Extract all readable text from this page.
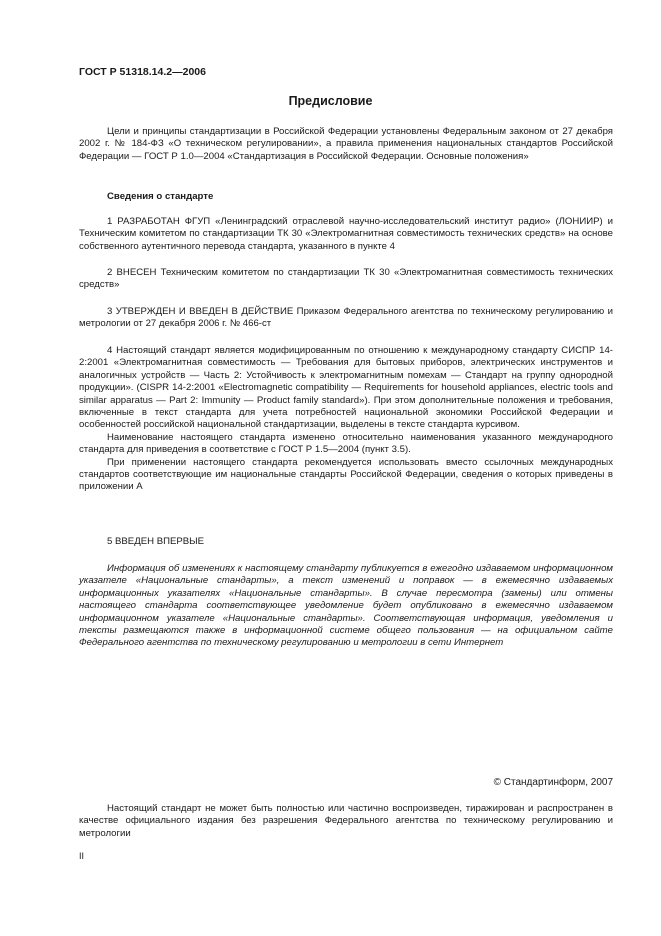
ГОСТ Р 51318.14.2—2006
Предисловие

Цели и принципы стандартизации в Российской Федерации установлены Федеральным законом от 27 декабря 2002 г. № 184-ФЗ «О техническом регулировании», а правила применения национальных стандартов Российской Федерации — ГОСТ Р 1.0—2004 «Стандартизация в Российской Федерации. Основные положения»

Сведения о стандарте

1 РАЗРАБОТАН ФГУП «Ленинградский отраслевой научно-исследовательский институт радио» (ЛОНИИР) и Техническим комитетом по стандартизации ТК 30 «Электромагнитная совместимость технических средств» на основе собственного аутентичного перевода стандарта, указанного в пункте 4

2 ВНЕСЕН Техническим комитетом по стандартизации ТК 30 «Электромагнитная совместимость технических средств»

3 УТВЕРЖДЕН И ВВЕДЕН В ДЕЙСТВИЕ Приказом Федерального агентства по техническому регулированию и метрологии от 27 декабря 2006 г. № 466-ст

4 Настоящий стандарт является модифицированным по отношению к международному стандарту СИСПР 14-2:2001 «Электромагнитная совместимость — Требования для бытовых приборов, электрических инструментов и аналогичных устройств — Часть 2: Устойчивость к электромагнитным помехам — Стандарт на группу однородной продукции». (CISPR 14-2:2001 «Electromagnetic compatibility — Requirements for household appliances, electric tools and similar apparatus — Part 2: Immunity — Product family standard»). При этом дополнительные положения и требования, включенные в текст стандарта для учета потребностей национальной экономики Российской Федерации и особенностей российской национальной стандартизации, выделены в тексте стандарта курсивом.

Наименование настоящего стандарта изменено относительно наименования указанного международного стандарта для приведения в соответствие с ГОСТ Р 1.5—2004 (пункт 3.5).

При применении настоящего стандарта рекомендуется использовать вместо ссылочных международных стандартов соответствующие им национальные стандарты Российской Федерации, сведения о которых приведены в приложении А

5 ВВЕДЕН ВПЕРВЫЕ

Информация об изменениях к настоящему стандарту публикуется в ежегодно издаваемом информационном указателе «Национальные стандарты», а текст изменений и поправок — в ежемесячно издаваемых информационных указателях «Национальные стандарты». В случае пересмотра (замены) или отмены настоящего стандарта соответствующее уведомление будет опубликовано в ежемесячно издаваемом информационном указателе «Национальные стандарты». Соответствующая информация, уведомления и тексты размещаются также в информационной системе общего пользования — на официальном сайте Федерального агентства по техническому регулированию и метрологии в сети Интернет

© Стандартинформ, 2007

Настоящий стандарт не может быть полностью или частично воспроизведен, тиражирован и распространен в качестве официального издания без разрешения Федерального агентства по техническому регулированию и метрологии

II
